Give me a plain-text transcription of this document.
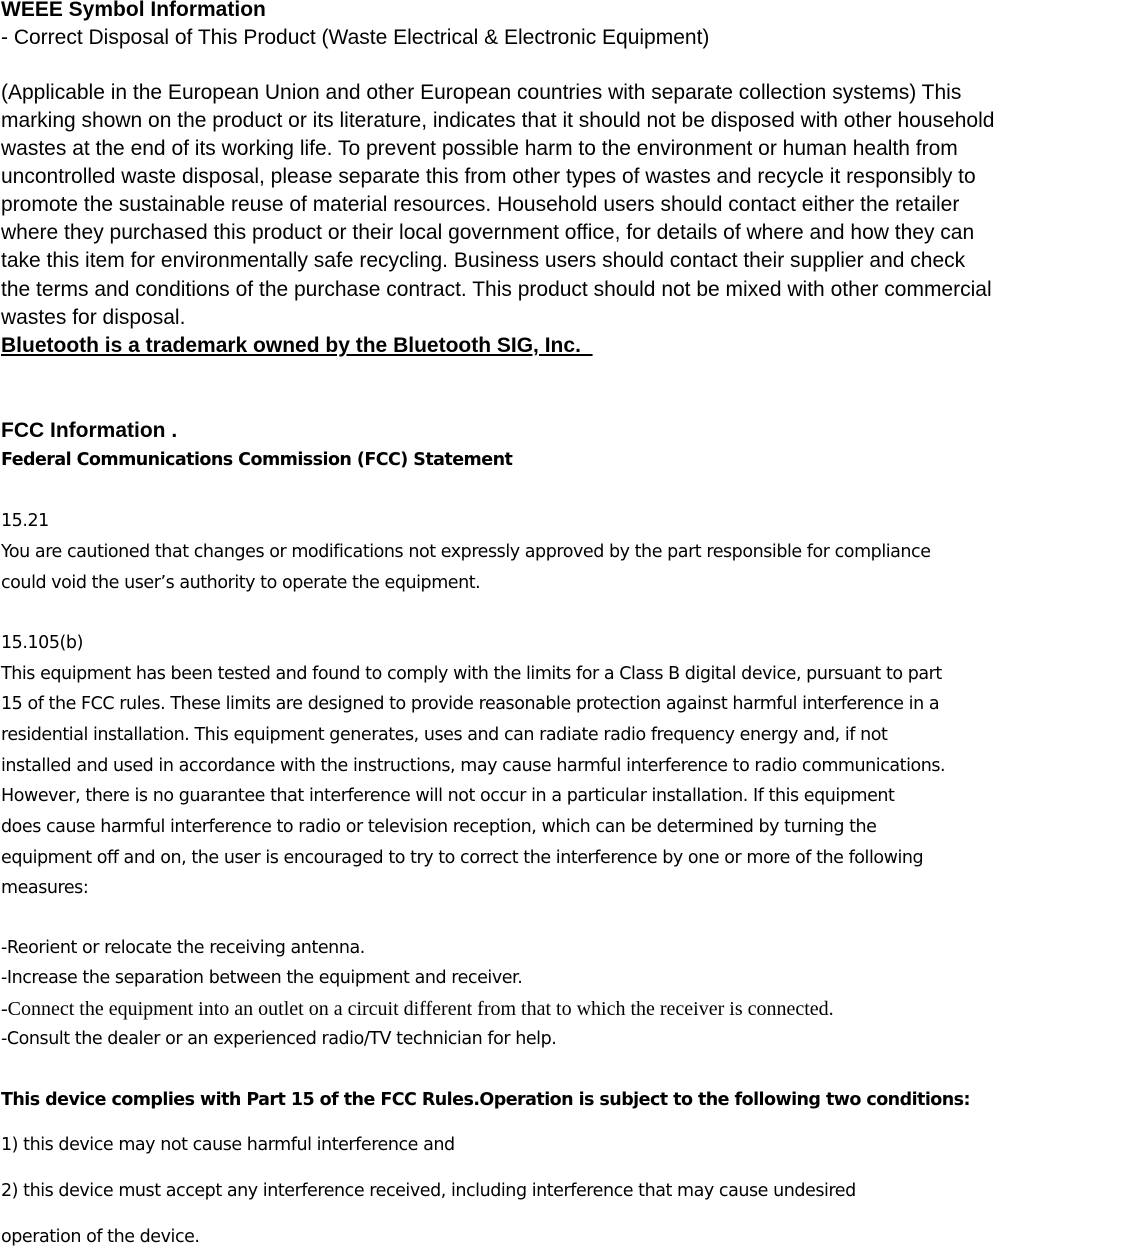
WEEE Symbol Information
- Correct Disposal of This Product (Waste Electrical & Electronic Equipment)
(Applicable in the European Union and other European countries with separate collection systems) This
marking shown on the product or its literature, indicates that it should not be disposed with other household
wastes at the end of its working life. To prevent possible harm to the environment or human health from
uncontrolled waste disposal, please separate this from other types of wastes and recycle it responsibly to
promote the sustainable reuse of material resources. Household users should contact either the retailer
where they purchased this product or their local government office, for details of where and how they can
take this item for environmentally safe recycling. Business users should contact their supplier and check
the terms and conditions of the purchase contract. This product should not be mixed with other commercial
wastes for disposal.
Bluetooth is a trademark owned by the Bluetooth SIG, Inc.
FCC Information .
Federal Communications Commission (FCC) Statement
15.21
You are cautioned that changes or modifications not expressly approved by the part responsible for compliance
could void the user’s authority to operate the equipment.
15.105(b)
This equipment has been tested and found to comply with the limits for a Class B digital device, pursuant to part
15 of the FCC rules. These limits are designed to provide reasonable protection against harmful interference in a
residential installation. This equipment generates, uses and can radiate radio frequency energy and, if not
installed and used in accordance with the instructions, may cause harmful interference to radio communications.
However, there is no guarantee that interference will not occur in a particular installation. If this equipment
does cause harmful interference to radio or television reception, which can be determined by turning the
equipment off and on, the user is encouraged to try to correct the interference by one or more of the following
measures:
-Reorient or relocate the receiving antenna.
-Increase the separation between the equipment and receiver.
-Connect the equipment into an outlet on a circuit different from that to which the receiver is connected.
-Consult the dealer or an experienced radio/TV technician for help.
This device complies with Part 15 of the FCC Rules.Operation is subject to the following two conditions:
1) this device may not cause harmful interference and
2) this device must accept any interference received, including interference that may cause undesired
operation of the device.
